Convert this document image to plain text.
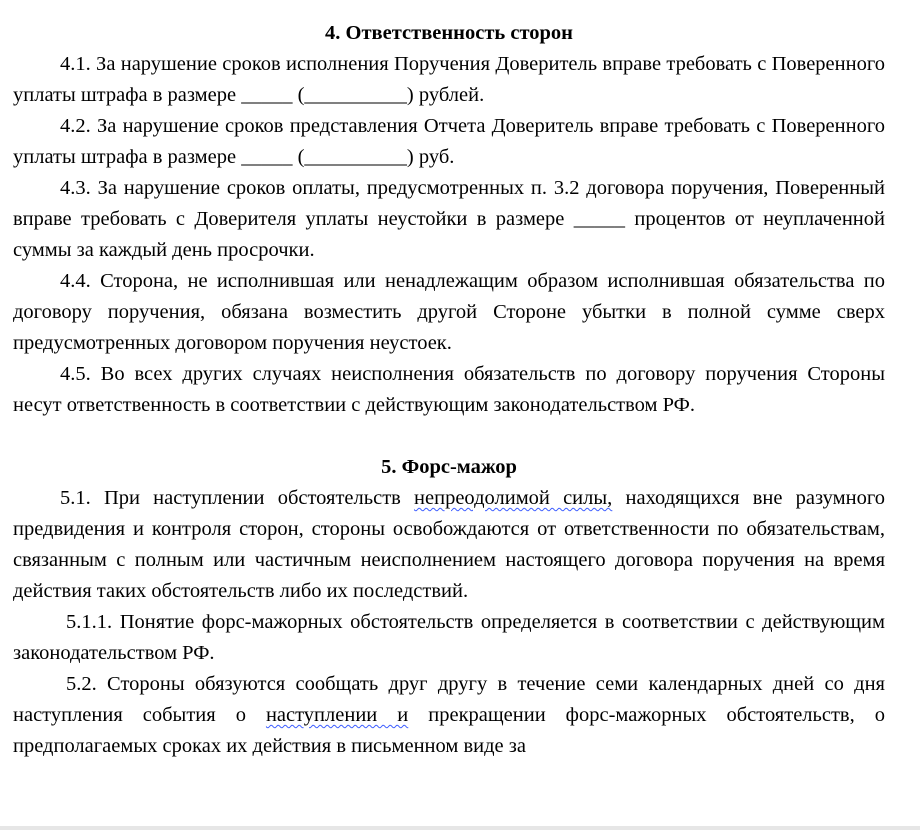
4. Ответственность сторон

4.1. За нарушение сроков исполнения Поручения Доверитель вправе требовать с Поверенного уплаты штрафа в размере _____ (__________) рублей.

4.2. За нарушение сроков представления Отчета Доверитель вправе требовать с Поверенного уплаты штрафа в размере _____ (__________) руб.

4.3. За нарушение сроков оплаты, предусмотренных п. 3.2 договора поручения, Поверенный вправе требовать с Доверителя уплаты неустойки в размере _____ процентов от неуплаченной суммы за каждый день просрочки.

4.4. Сторона, не исполнившая или ненадлежащим образом исполнившая обязательства по договору поручения, обязана возместить другой Стороне убытки в полной сумме сверх предусмотренных договором поручения неустоек.

4.5. Во всех других случаях неисполнения обязательств по договору поручения Стороны несут ответственность в соответствии с действующим законодательством РФ.

5. Форс-мажор

5.1. При наступлении обстоятельств непреодолимой силы, находящихся вне разумного предвидения и контроля сторон, стороны освобождаются от ответственности по обязательствам, связанным с полным или частичным неисполнением настоящего договора поручения на время действия таких обстоятельств либо их последствий.

5.1.1. Понятие форс-мажорных обстоятельств определяется в соответствии с действующим законодательством РФ.

5.2. Стороны обязуются сообщать друг другу в течение семи календарных дней со дня наступления события о наступлении и прекращении форс-мажорных обстоятельств, о предполагаемых сроках их действия в письменном виде за
